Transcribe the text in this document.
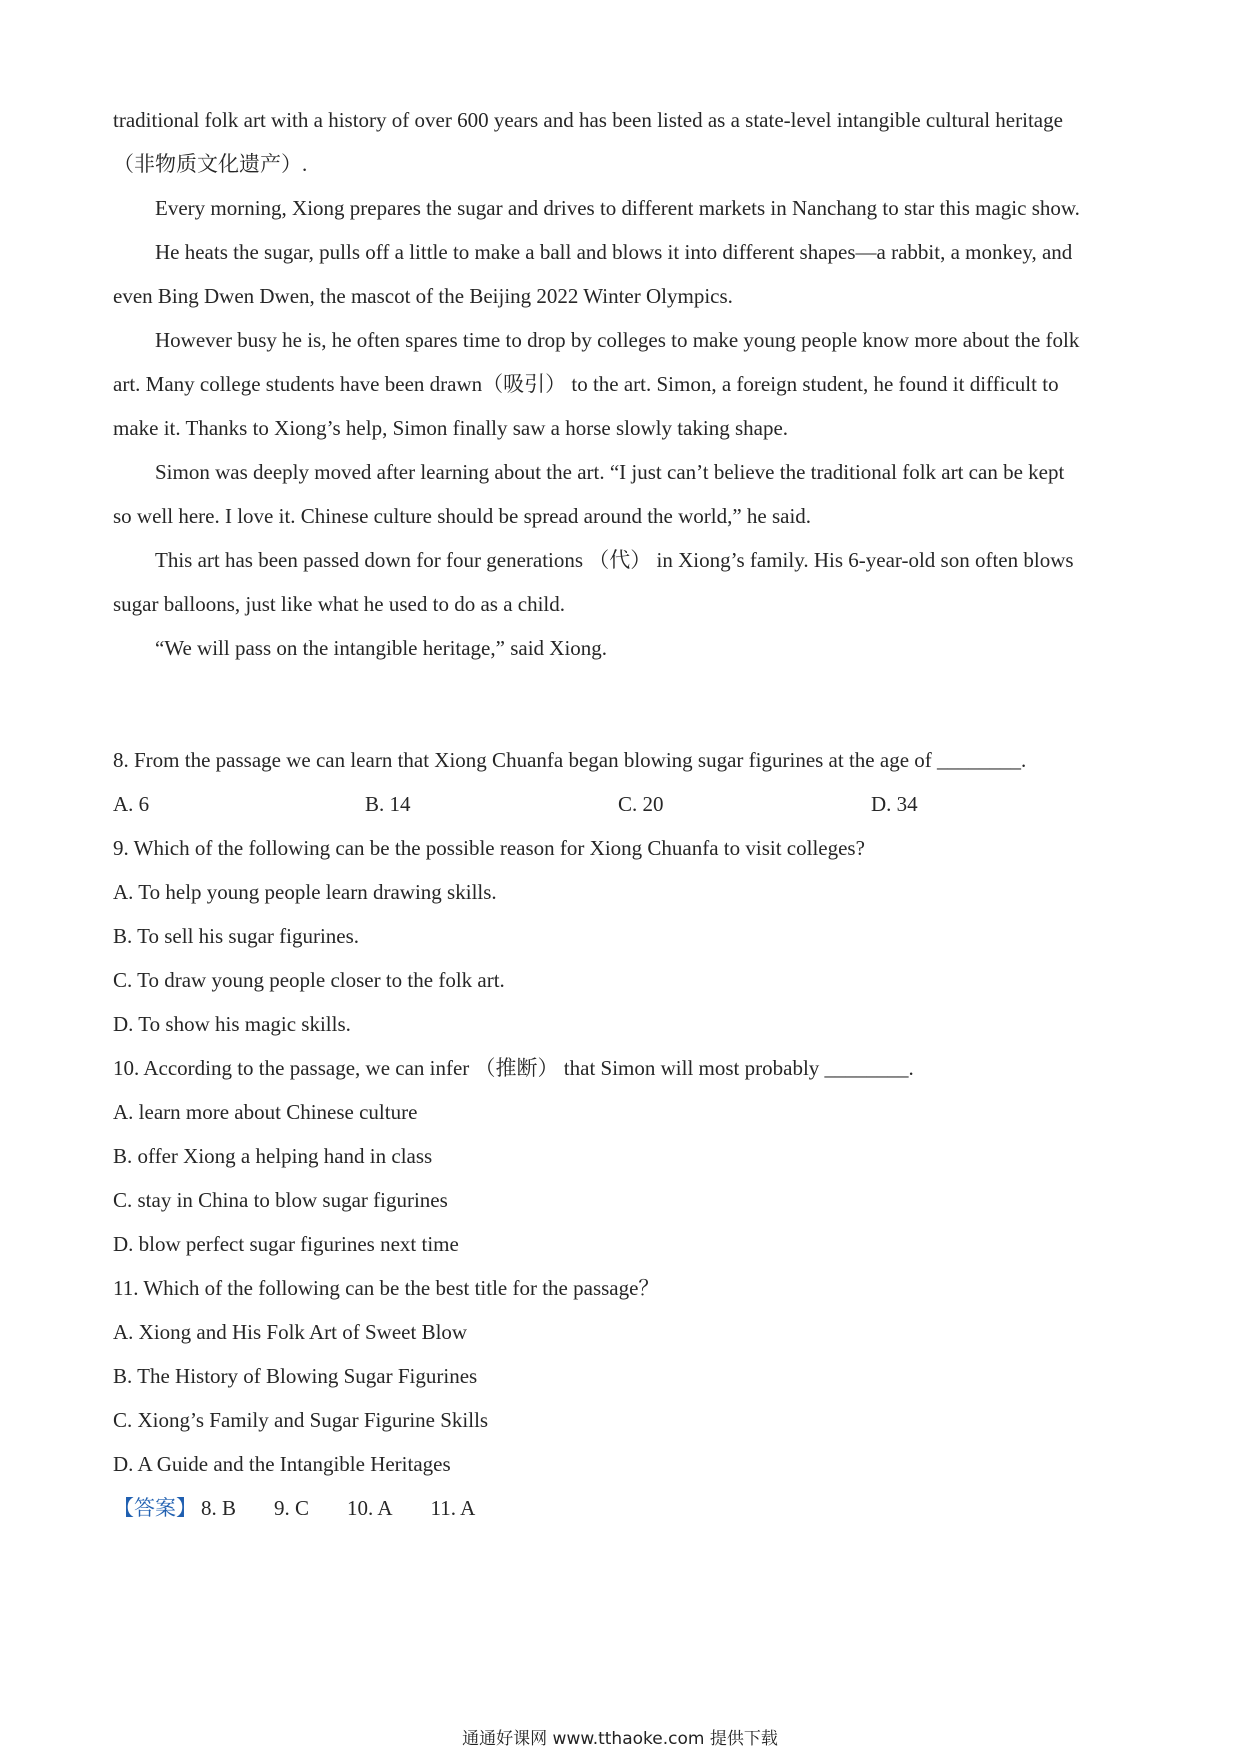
traditional folk art with a history of over 600 years and has been listed as a state-level intangible cultural heritage
（非物质文化遗产）.
Every morning, Xiong prepares the sugar and drives to different markets in Nanchang to star this magic show.
He heats the sugar, pulls off a little to make a ball and blows it into different shapes—a rabbit, a monkey, and
even Bing Dwen Dwen, the mascot of the Beijing 2022 Winter Olympics.
However busy he is, he often spares time to drop by colleges to make young people know more about the folk
art. Many college students have been drawn（吸引） to the art. Simon, a foreign student, he found it difficult to
make it. Thanks to Xiong’s help, Simon finally saw a horse slowly taking shape.
Simon was deeply moved after learning about the art. “I just can’t believe the traditional folk art can be kept
so well here. I love it. Chinese culture should be spread around the world,” he said.
This art has been passed down for four generations （代） in Xiong’s family. His 6-year-old son often blows
sugar balloons, just like what he used to do as a child.
“We will pass on the intangible heritage,” said Xiong.
8. From the passage we can learn that Xiong Chuanfa began blowing sugar figurines at the age of ________.
A. 6	B. 14	C. 20	D. 34
9. Which of the following can be the possible reason for Xiong Chuanfa to visit colleges?
A. To help young people learn drawing skills.
B. To sell his sugar figurines.
C. To draw young people closer to the folk art.
D. To show his magic skills.
10. According to the passage, we can infer （推断） that Simon will most probably ________.
A. learn more about Chinese culture
B. offer Xiong a helping hand in class
C. stay in China to blow sugar figurines
D. blow perfect sugar figurines next time
11. Which of the following can be the best title for the passage？
A. Xiong and His Folk Art of Sweet Blow
B. The History of Blowing Sugar Figurines
C. Xiong’s Family and Sugar Figurine Skills
D. A Guide and the Intangible Heritages
【答案】 8. B 9. C 10. A 11. A
通通好课网 www.tthaoke.com 提供下载
